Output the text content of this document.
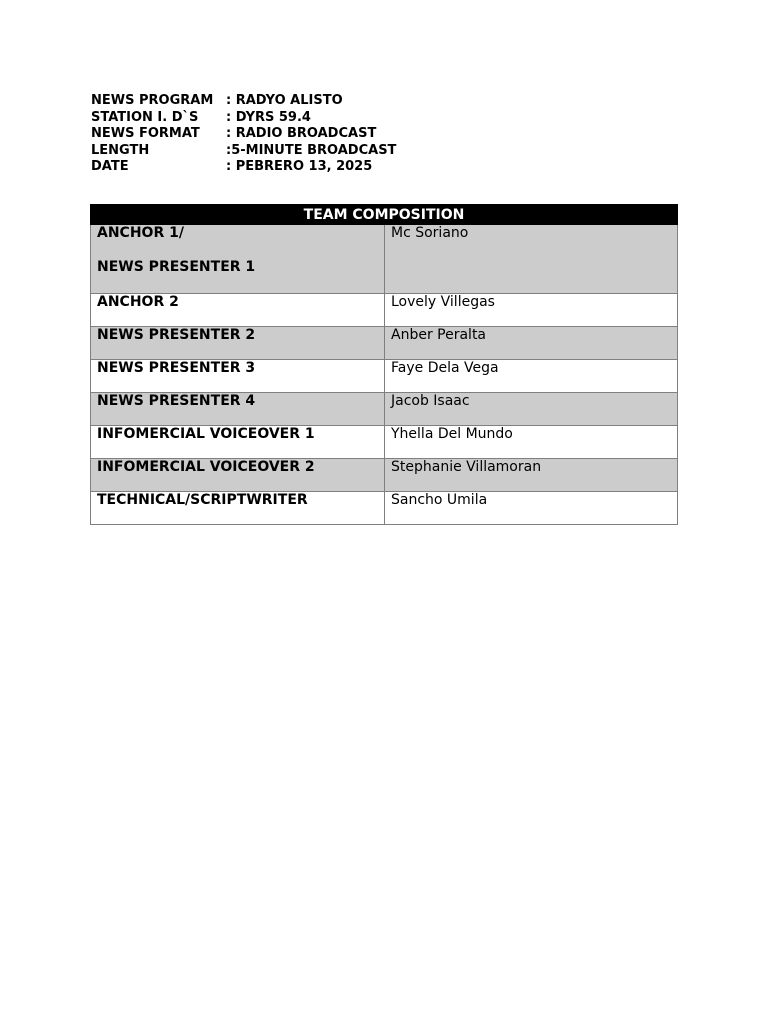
NEWS PROGRAM : RADYO ALISTO
STATION I. D`S	: DYRS 59.4
NEWS FORMAT	: RADIO BROADCAST
LENGTH	:5-MINUTE BROADCAST
DATE	: PEBRERO 13, 2025
TEAM COMPOSITION	
ANCHOR 1/

NEWS PRESENTER 1	Mc Soriano
ANCHOR 2	Lovely Villegas
NEWS PRESENTER 2	Anber Peralta
NEWS PRESENTER 3	Faye Dela Vega
NEWS PRESENTER 4	Jacob Isaac
INFOMERCIAL VOICEOVER 1	Yhella Del Mundo
INFOMERCIAL VOICEOVER 2	Stephanie Villamoran
TECHNICAL/SCRIPTWRITER	Sancho Umila
